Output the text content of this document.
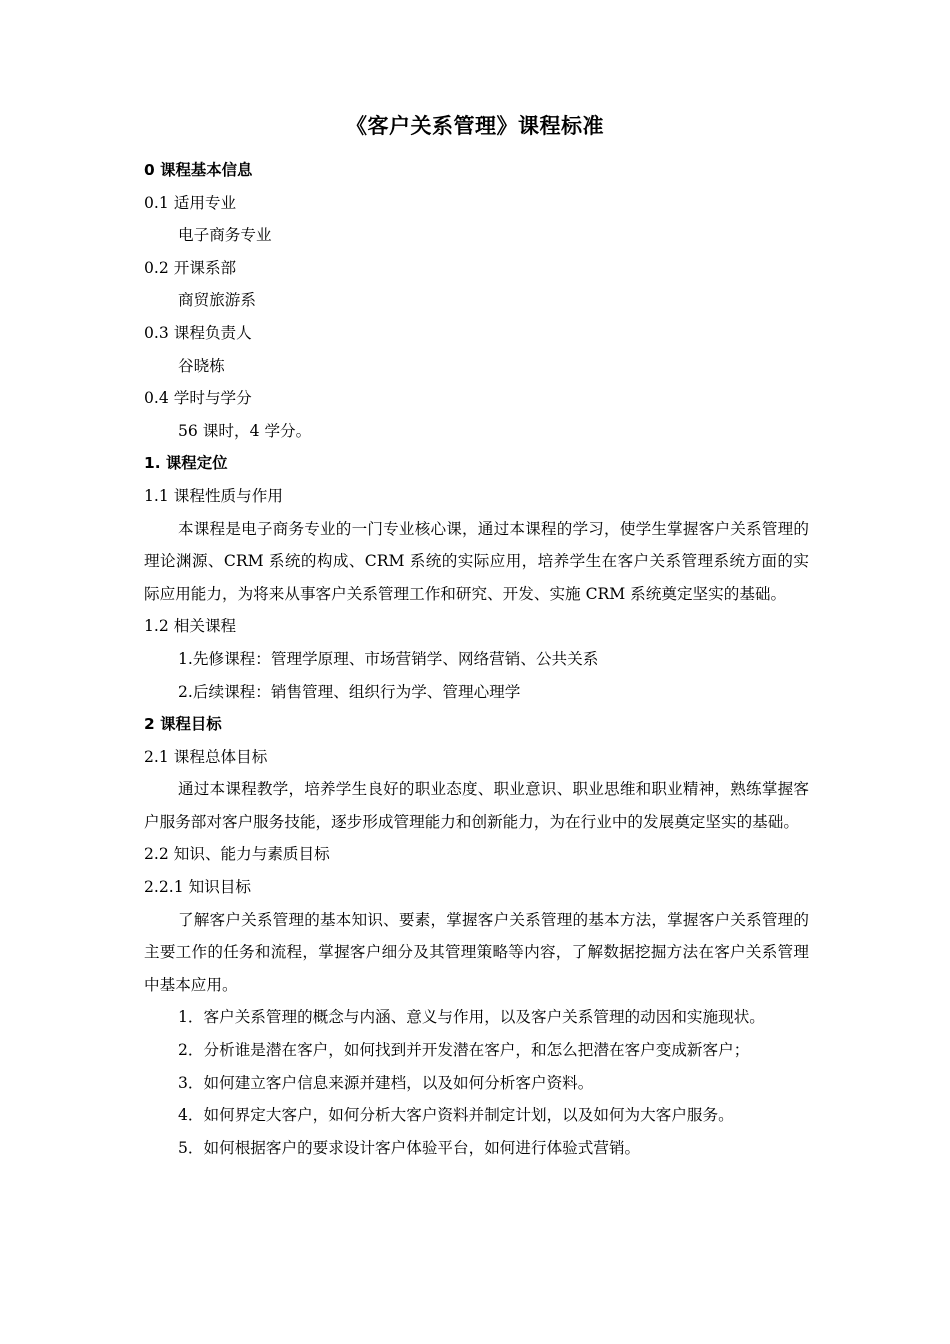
《客户关系管理》课程标准

0 课程基本信息

0.1 适用专业

电子商务专业

0.2 开课系部

商贸旅游系

0.3 课程负责人

谷晓栋

0.4 学时与学分

56 课时，4 学分。

1. 课程定位

1.1 课程性质与作用

本课程是电子商务专业的一门专业核心课，通过本课程的学习，使学生掌握客户关系管理的理论渊源、CRM 系统的构成、CRM 系统的实际应用，培养学生在客户关系管理系统方面的实际应用能力，为将来从事客户关系管理工作和研究、开发、实施 CRM 系统奠定坚实的基础。

1.2 相关课程

1.先修课程：管理学原理、市场营销学、网络营销、公共关系

2.后续课程：销售管理、组织行为学、管理心理学

2 课程目标

2.1 课程总体目标

通过本课程教学，培养学生良好的职业态度、职业意识、职业思维和职业精神，熟练掌握客户服务部对客户服务技能，逐步形成管理能力和创新能力，为在行业中的发展奠定坚实的基础。

2.2 知识、能力与素质目标

2.2.1 知识目标

了解客户关系管理的基本知识、要素，掌握客户关系管理的基本方法，掌握客户关系管理的主要工作的任务和流程，掌握客户细分及其管理策略等内容，了解数据挖掘方法在客户关系管理中基本应用。

1．客户关系管理的概念与内涵、意义与作用，以及客户关系管理的动因和实施现状。

2．分析谁是潜在客户，如何找到并开发潜在客户，和怎么把潜在客户变成新客户；

3．如何建立客户信息来源并建档，以及如何分析客户资料。

4．如何界定大客户，如何分析大客户资料并制定计划，以及如何为大客户服务。

5．如何根据客户的要求设计客户体验平台，如何进行体验式营销。
